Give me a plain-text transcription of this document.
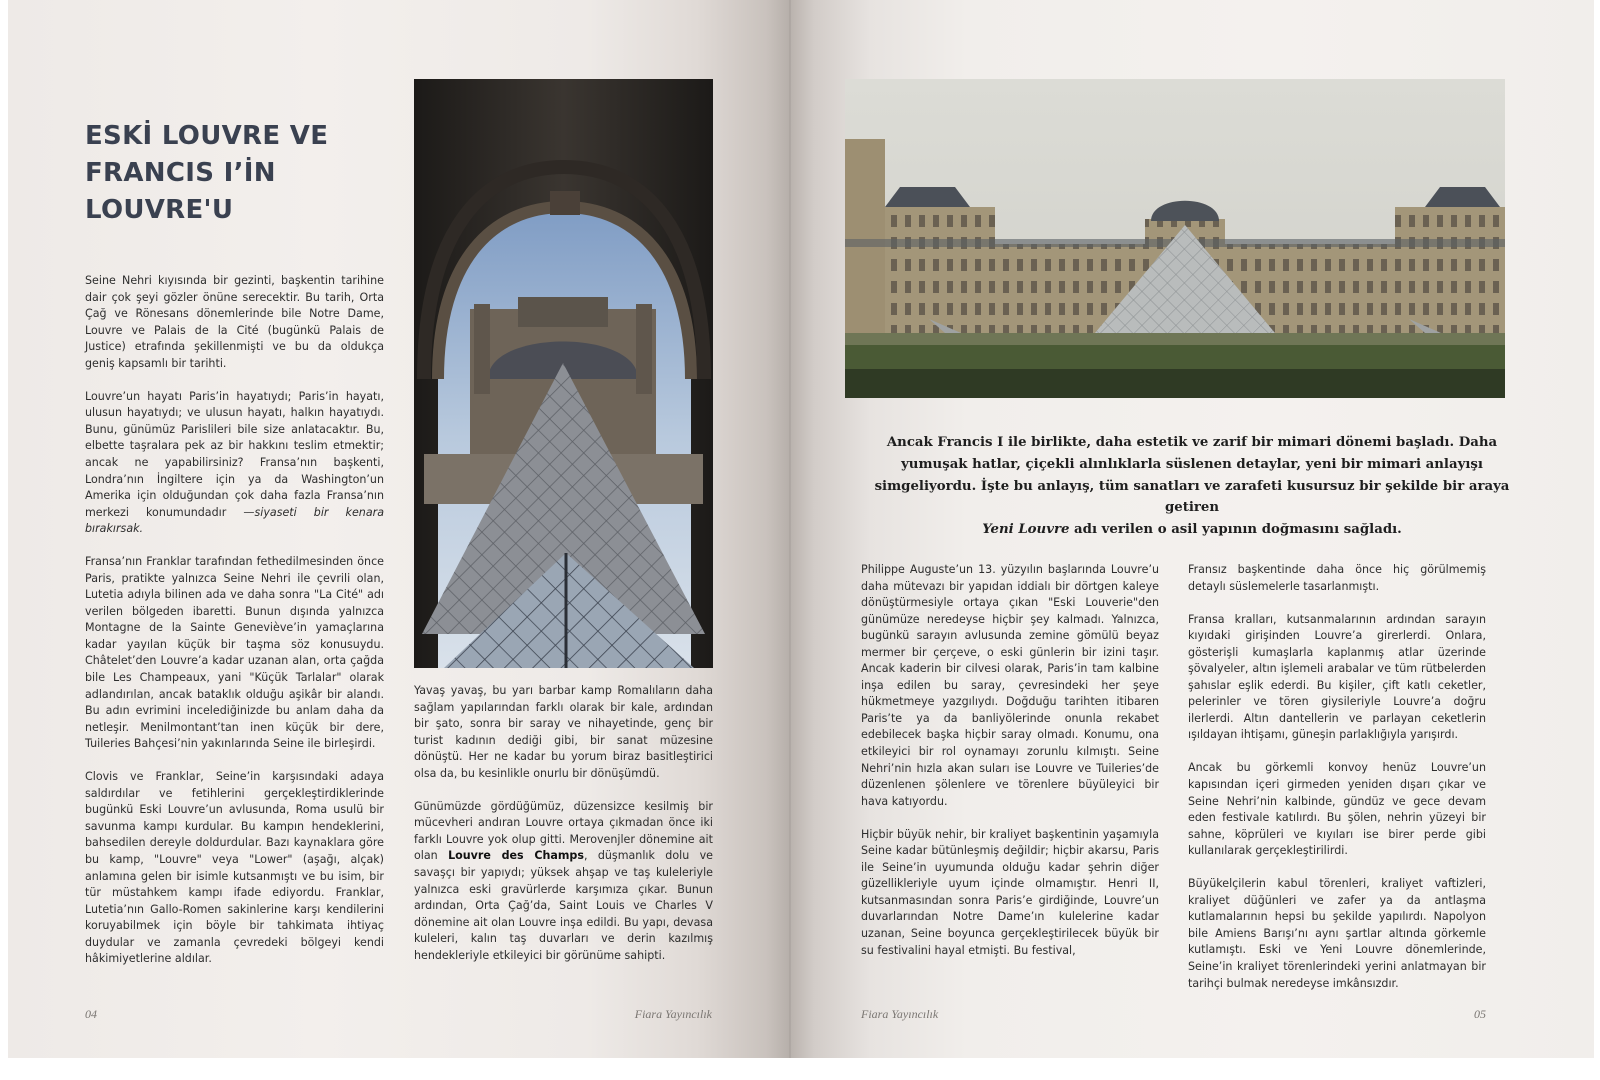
ESKİ LOUVRE VE
FRANCIS I’İN
LOUVRE'U

Seine Nehri kıyısında bir gezinti, başkentin tarihine dair çok şeyi gözler önüne serecektir. Bu tarih, Orta Çağ ve Rönesans dönemlerinde bile Notre Dame, Louvre ve Palais de la Cité (bugünkü Palais de Justice) etrafında şekillenmişti ve bu da oldukça geniş kapsamlı bir tarihti.

Louvre’un hayatı Paris’in hayatıydı; Paris’in hayatı, ulusun hayatıydı; ve ulusun hayatı, halkın hayatıydı. Bunu, günümüz Parislileri bile size anlatacaktır. Bu, elbette taşralara pek az bir hakkını teslim etmektir; ancak ne yapabilirsiniz? Fransa’nın başkenti, Londra’nın İngiltere için ya da Washington’un Amerika için olduğundan çok daha fazla Fransa’nın merkezi konumundadır —siyaseti bir kenara bırakırsak.

Fransa’nın Franklar tarafından fethedilmesinden önce Paris, pratikte yalnızca Seine Nehri ile çevrili olan, Lutetia adıyla bilinen ada ve daha sonra "La Cité" adı verilen bölgeden ibaretti. Bunun dışında yalnızca Montagne de la Sainte Geneviève’in yamaçlarına kadar yayılan küçük bir taşma söz konusuydu. Châtelet’den Louvre’a kadar uzanan alan, orta çağda bile Les Champeaux, yani "Küçük Tarlalar" olarak adlandırılan, ancak bataklık olduğu aşikâr bir alandı. Bu adın evrimini incelediğinizde bu anlam daha da netleşir. Menilmontant’tan inen küçük bir dere, Tuileries Bahçesi’nin yakınlarında Seine ile birleşirdi.

Clovis ve Franklar, Seine’in karşısındaki adaya saldırdılar ve fetihlerini gerçekleştirdiklerinde bugünkü Eski Louvre’un avlusunda, Roma usulü bir savunma kampı kurdular. Bu kampın hendeklerini, bahsedilen dereyle doldurdular. Bazı kaynaklara göre bu kamp, "Louvre" veya "Lower" (aşağı, alçak) anlamına gelen bir isimle kutsanmıştı ve bu isim, bir tür müstahkem kampı ifade ediyordu. Franklar, Lutetia’nın Gallo-Romen sakinlerine karşı kendilerini koruyabilmek için böyle bir tahkimata ihtiyaç duydular ve zamanla çevredeki bölgeyi kendi hâkimiyetlerine aldılar.

Yavaş yavaş, bu yarı barbar kamp Romalıların daha sağlam yapılarından farklı olarak bir kale, ardından bir şato, sonra bir saray ve nihayetinde, genç bir turist kadının dediği gibi, bir sanat müzesine dönüştü. Her ne kadar bu yorum biraz basitleştirici olsa da, bu kesinlikle onurlu bir dönüşümdü.

Günümüzde gördüğümüz, düzensizce kesilmiş bir mücevheri andıran Louvre ortaya çıkmadan önce iki farklı Louvre yok olup gitti. Merovenjler dönemine ait olan Louvre des Champs, düşmanlık dolu ve savaşçı bir yapıydı; yüksek ahşap ve taş kuleleriyle yalnızca eski gravürlerde karşımıza çıkar. Bunun ardından, Orta Çağ’da, Saint Louis ve Charles V dönemine ait olan Louvre inşa edildi. Bu yapı, devasa kuleleri, kalın taş duvarları ve derin kazılmış hendekleriyle etkileyici bir görünüme sahipti.

04	Fiara Yayıncılık
Ancak Francis I ile birlikte, daha estetik ve zarif bir mimari dönemi başladı. Daha yumuşak hatlar, çiçekli alınlıklarla süslenen detaylar, yeni bir mimari anlayışı simgeliyordu. İşte bu anlayış, tüm sanatları ve zarafeti kusursuz bir şekilde bir araya getiren
Yeni Louvre adı verilen o asil yapının doğmasını sağladı.

Philippe Auguste’un 13. yüzyılın başlarında Louvre’u daha mütevazı bir yapıdan iddialı bir dörtgen kaleye dönüştürmesiyle ortaya çıkan "Eski Louverie"den günümüze neredeyse hiçbir şey kalmadı. Yalnızca, bugünkü sarayın avlusunda zemine gömülü beyaz mermer bir çerçeve, o eski günlerin bir izini taşır. Ancak kaderin bir cilvesi olarak, Paris’in tam kalbine inşa edilen bu saray, çevresindeki her şeye hükmetmeye yazgılıydı. Doğduğu tarihten itibaren Paris’te ya da banliyölerinde onunla rekabet edebilecek başka hiçbir saray olmadı. Konumu, ona etkileyici bir rol oynamayı zorunlu kılmıştı. Seine Nehri’nin hızla akan suları ise Louvre ve Tuileries’de düzenlenen şölenlere ve törenlere büyüleyici bir hava katıyordu.

Hiçbir büyük nehir, bir kraliyet başkentinin yaşamıyla Seine kadar bütünleşmiş değildir; hiçbir akarsu, Paris ile Seine’in uyumunda olduğu kadar şehrin diğer güzellikleriyle uyum içinde olmamıştır. Henri II, kutsanmasından sonra Paris’e girdiğinde, Louvre’un duvarlarından Notre Dame’ın kulelerine kadar uzanan, Seine boyunca gerçekleştirilecek büyük bir su festivalini hayal etmişti. Bu festival,

Fransız başkentinde daha önce hiç görülmemiş detaylı süslemelerle tasarlanmıştı.

Fransa kralları, kutsanmalarının ardından sarayın kıyıdaki girişinden Louvre’a girerlerdi. Onlara, gösterişli kumaşlarla kaplanmış atlar üzerinde şövalyeler, altın işlemeli arabalar ve tüm rütbelerden şahıslar eşlik ederdi. Bu kişiler, çift katlı ceketler, pelerinler ve tören giysileriyle Louvre’a doğru ilerlerdi. Altın dantellerin ve parlayan ceketlerin ışıldayan ihtişamı, güneşin parlaklığıyla yarışırdı.

Ancak bu görkemli konvoy henüz Louvre’un kapısından içeri girmeden yeniden dışarı çıkar ve Seine Nehri’nin kalbinde, gündüz ve gece devam eden festivale katılırdı. Bu şölen, nehrin yüzeyi bir sahne, köprüleri ve kıyıları ise birer perde gibi kullanılarak gerçekleştirilirdi.

Büyükelçilerin kabul törenleri, kraliyet vaftizleri, kraliyet düğünleri ve zafer ya da antlaşma kutlamalarının hepsi bu şekilde yapılırdı. Napolyon bile Amiens Barışı’nı aynı şartlar altında görkemle kutlamıştı. Eski ve Yeni Louvre dönemlerinde, Seine’in kraliyet törenlerindeki yerini anlatmayan bir tarihçi bulmak neredeyse imkânsızdır.

Fiara Yayıncılık	05
